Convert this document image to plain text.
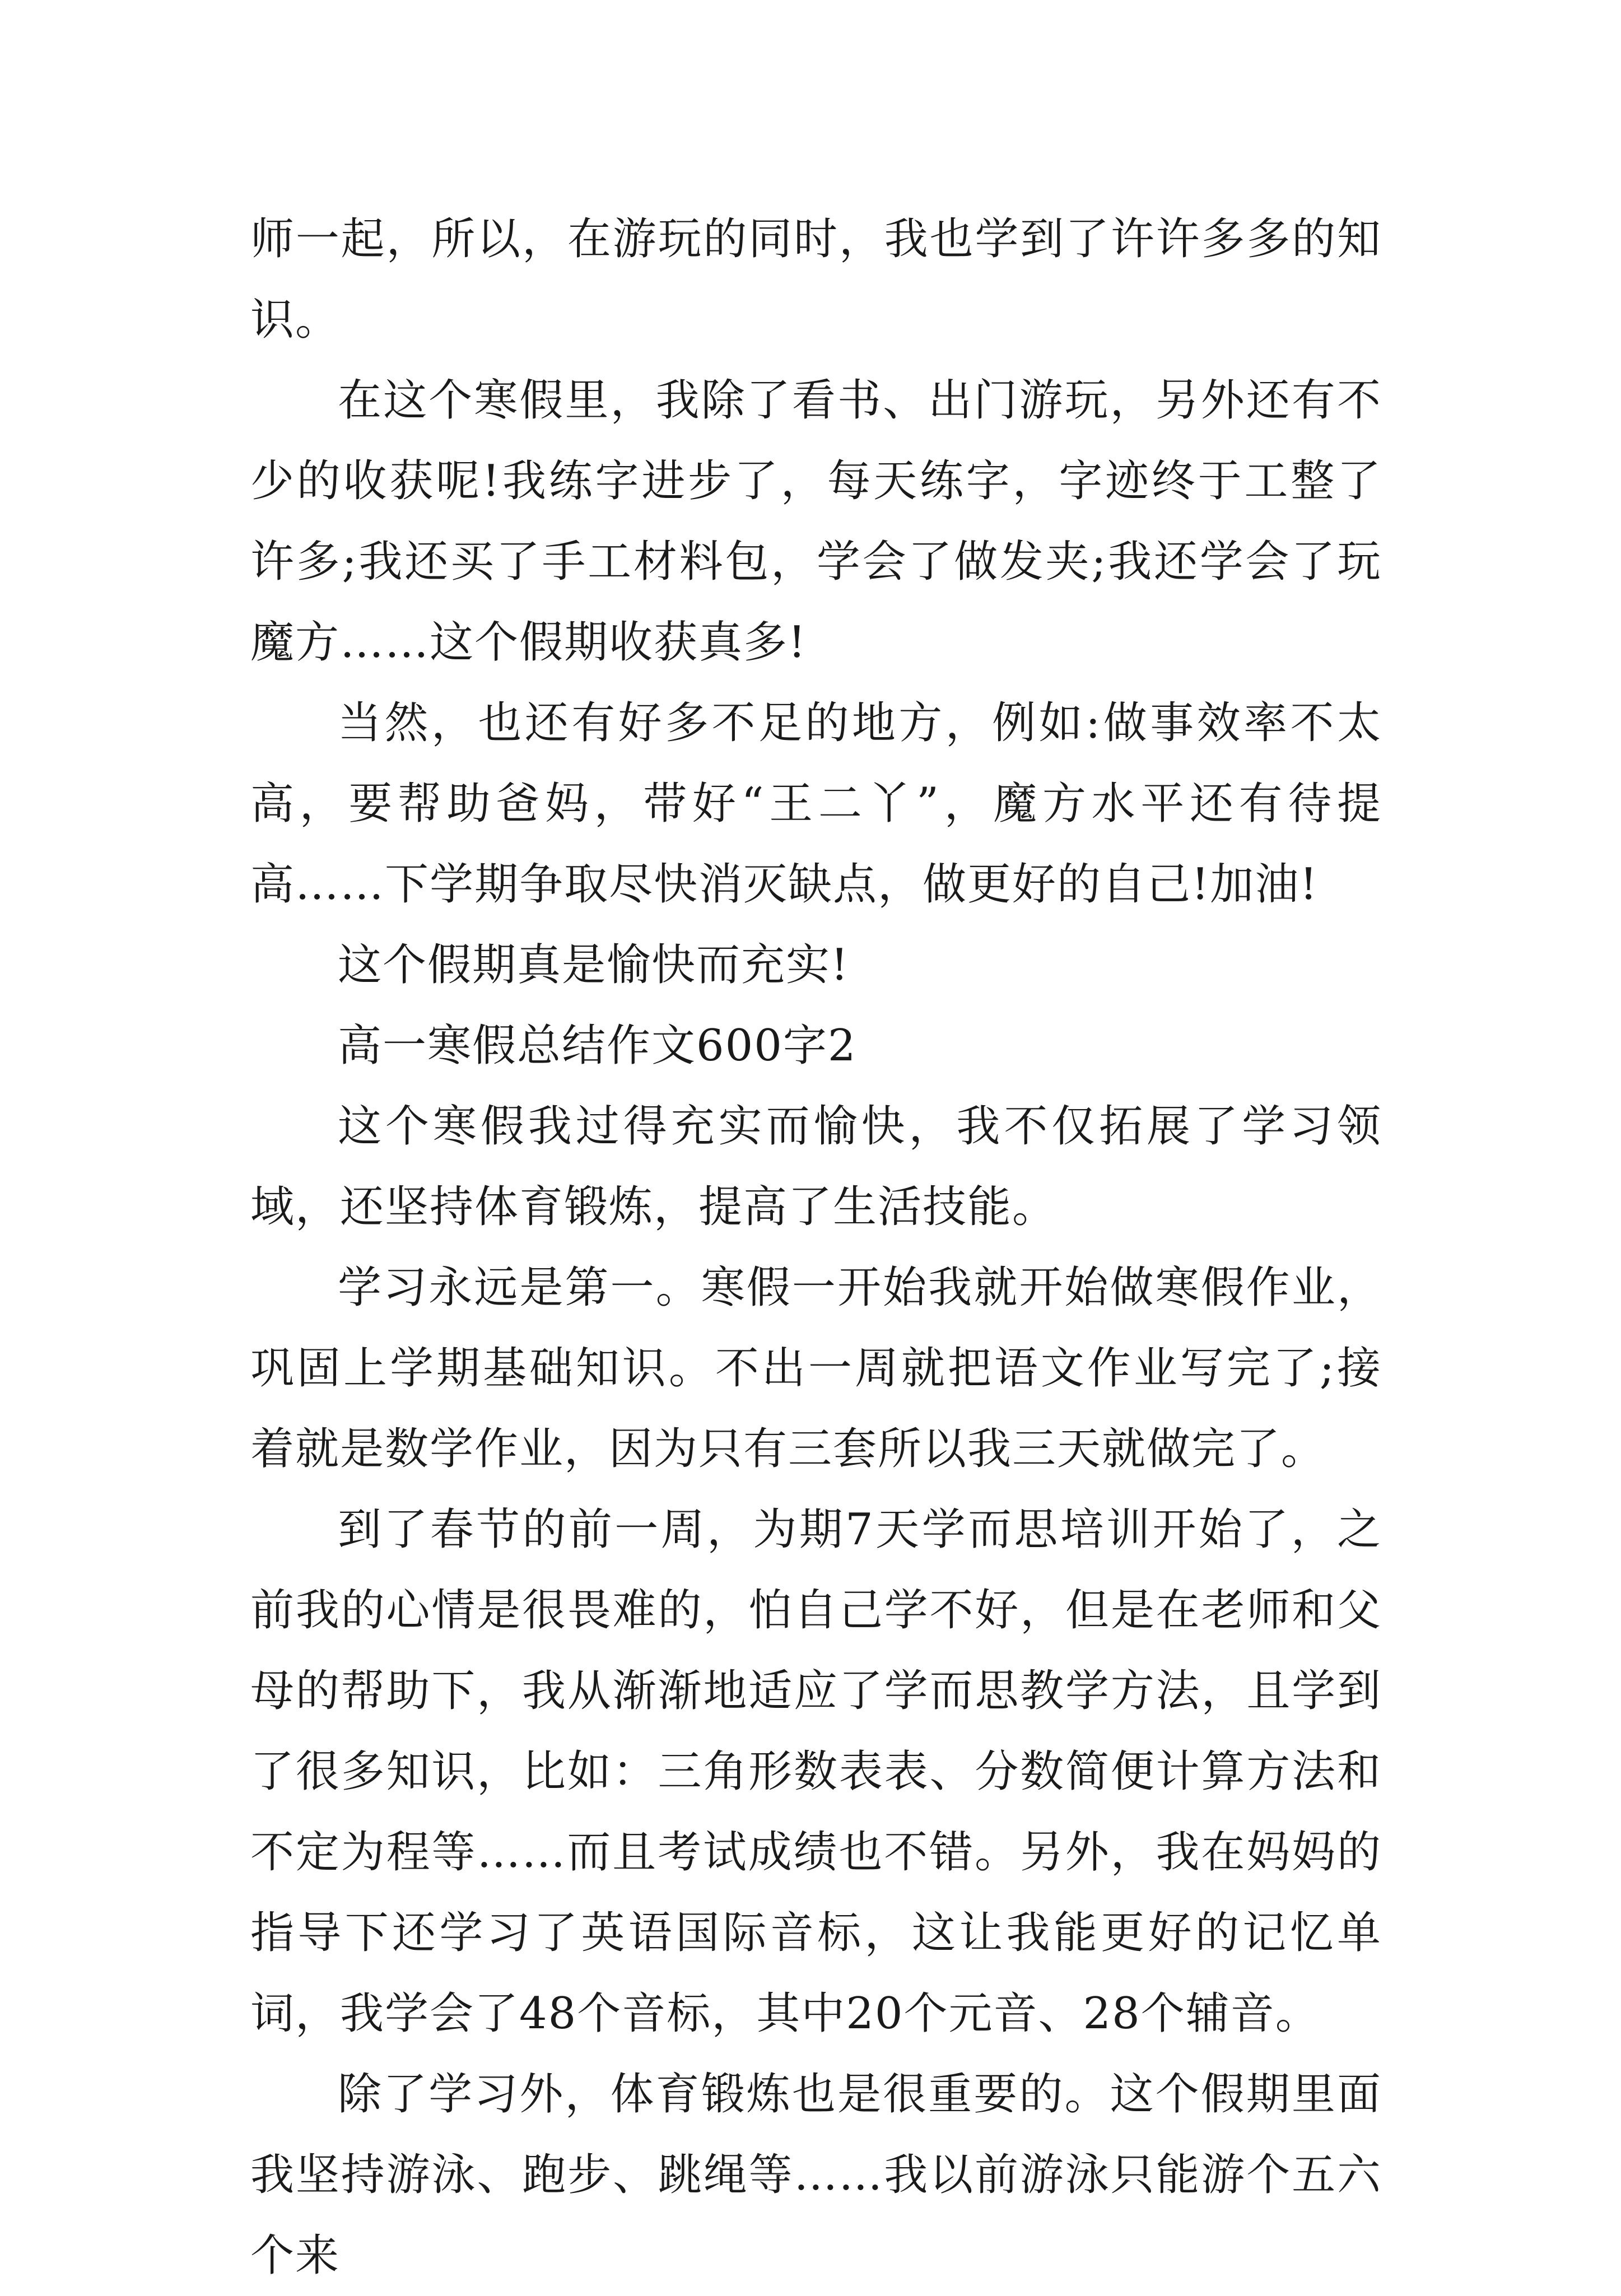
师一起，所以，在游玩的同时，我也学到了许许多多的知识。

在这个寒假里，我除了看书、出门游玩，另外还有不少的收获呢!我练字进步了，每天练字，字迹终于工整了许多;我还买了手工材料包，学会了做发夹;我还学会了玩魔方……这个假期收获真多!

当然，也还有好多不足的地方，例如:做事效率不太高，要帮助爸妈，带好“王二丫”，魔方水平还有待提高……下学期争取尽快消灭缺点，做更好的自己!加油!

这个假期真是愉快而充实!

高一寒假总结作文600字2

这个寒假我过得充实而愉快，我不仅拓展了学习领域，还坚持体育锻炼，提高了生活技能。

学习永远是第一。寒假一开始我就开始做寒假作业，巩固上学期基础知识。不出一周就把语文作业写完了;接着就是数学作业，因为只有三套所以我三天就做完了。

到了春节的前一周，为期7天学而思培训开始了，之前我的心情是很畏难的，怕自己学不好，但是在老师和父母的帮助下，我从渐渐地适应了学而思教学方法，且学到了很多知识，比如：三角形数表表、分数简便计算方法和不定为程等……而且考试成绩也不错。另外，我在妈妈的指导下还学习了英语国际音标，这让我能更好的记忆单词，我学会了48个音标，其中20个元音、28个辅音。

除了学习外，体育锻炼也是很重要的。这个假期里面我坚持游泳、跑步、跳绳等……我以前游泳只能游个五六个来
